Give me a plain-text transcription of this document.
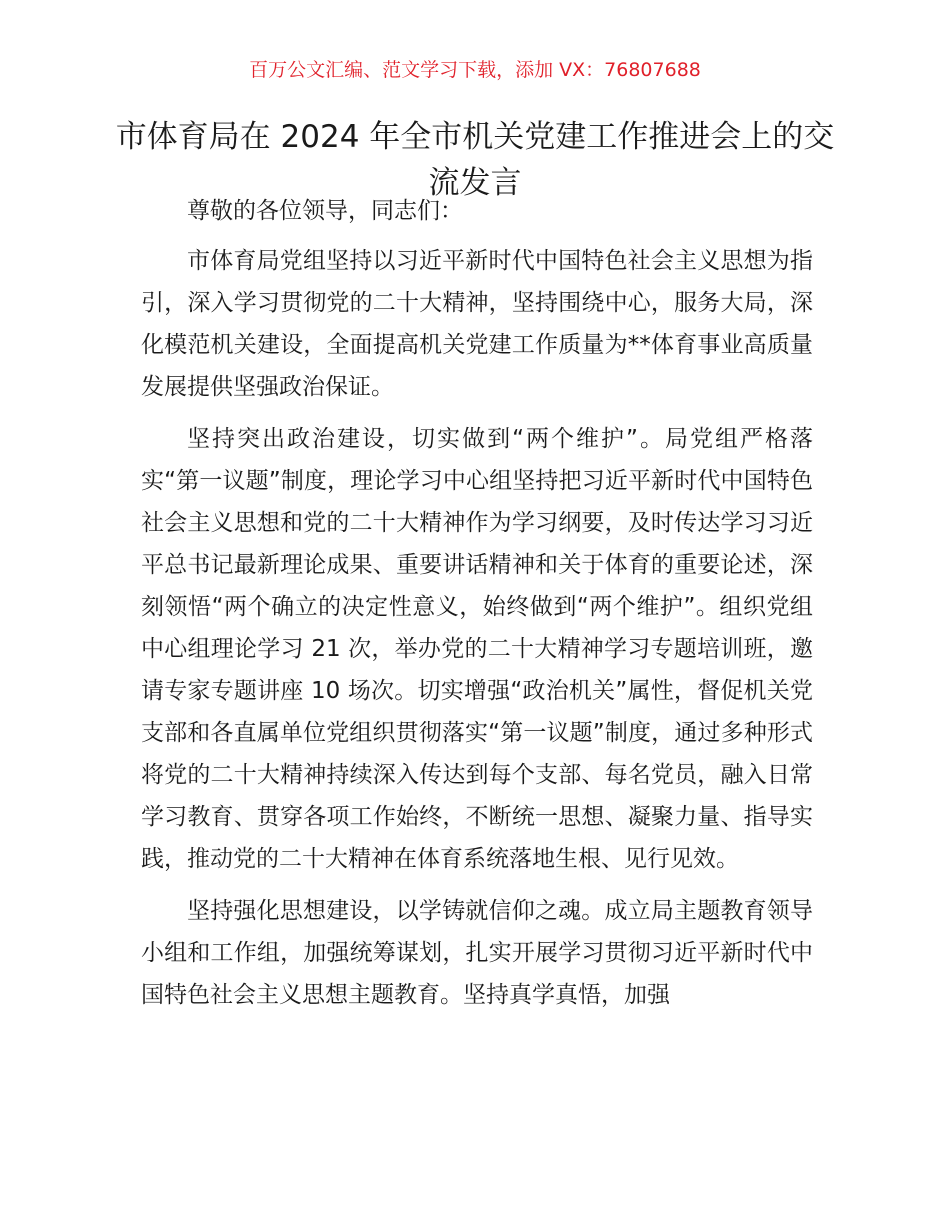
百万公文汇编、范文学习下载，添加 VX：76807688
市体育局在 2024 年全市机关党建工作推进会上的交流发言

尊敬的各位领导，同志们：

市体育局党组坚持以习近平新时代中国特色社会主义思想为指引，深入学习贯彻党的二十大精神，坚持围绕中心，服务大局，深化模范机关建设，全面提高机关党建工作质量为**体育事业高质量发展提供坚强政治保证。

坚持突出政治建设，切实做到“两个维护”。局党组严格落实“第一议题”制度，理论学习中心组坚持把习近平新时代中国特色社会主义思想和党的二十大精神作为学习纲要，及时传达学习习近平总书记最新理论成果、重要讲话精神和关于体育的重要论述，深刻领悟“两个确立的决定性意义，始终做到“两个维护”。组织党组中心组理论学习 21 次，举办党的二十大精神学习专题培训班，邀请专家专题讲座 10 场次。切实增强“政治机关”属性，督促机关党支部和各直属单位党组织贯彻落实“第一议题”制度，通过多种形式将党的二十大精神持续深入传达到每个支部、每名党员，融入日常学习教育、贯穿各项工作始终，不断统一思想、凝聚力量、指导实践，推动党的二十大精神在体育系统落地生根、见行见效。

坚持强化思想建设，以学铸就信仰之魂。成立局主题教育领导小组和工作组，加强统筹谋划，扎实开展学习贯彻习近平新时代中国特色社会主义思想主题教育。坚持真学真悟，加强
